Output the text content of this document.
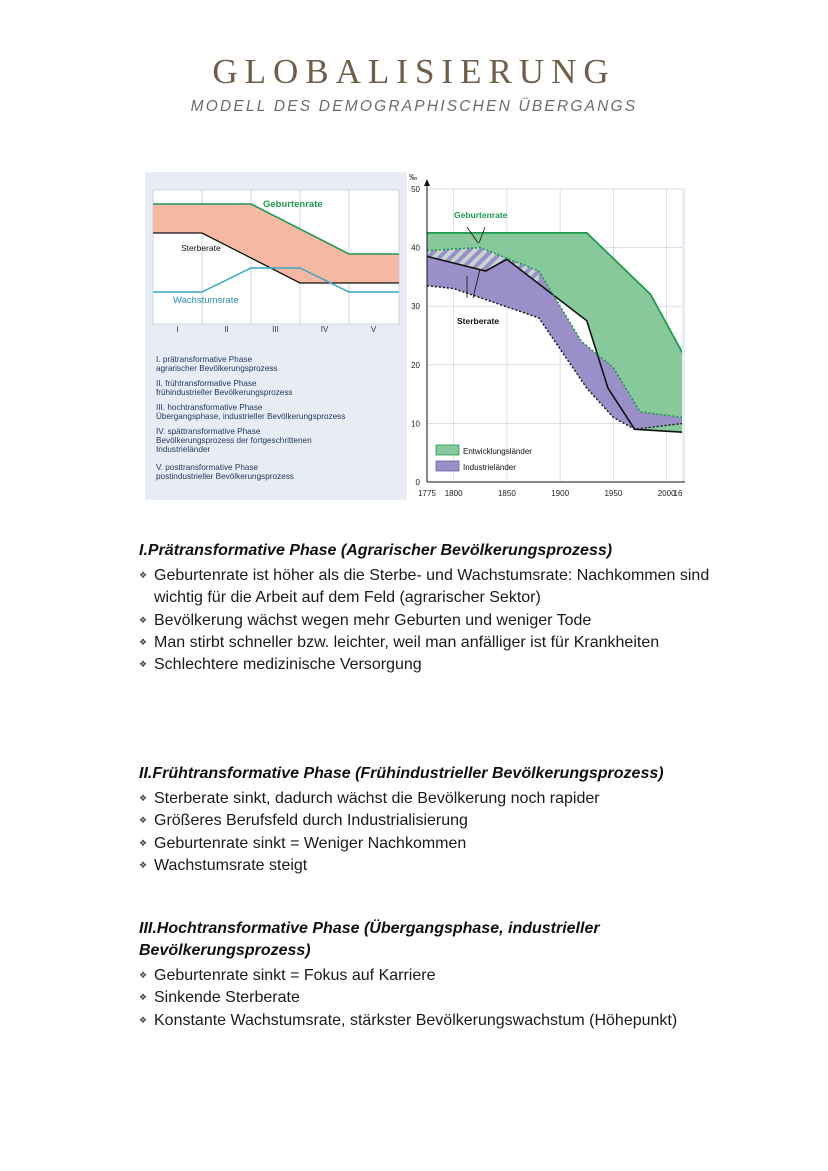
GLOBALISIERUNG
MODELL DES DEMOGRAPHISCHEN ÜBERGANGS
Geburtenrate
Sterberate
Wachstumsrate
I	II	III	IV	V
I. prätransformative Phase
agrarischer Bevölkerungsprozess
II. frühtransformative Phase
frühindustrieller Bevölkerungsprozess
III. hochtransformative Phase
Übergangsphase, industrieller Bevölkerungsprozess
IV. spättransformative Phase
Bevölkerungsprozess der fortgeschrittenen
Industrieländer
V. posttransformative Phase
postindustrieller Bevölkerungsprozess
‰
0
10
20
30
40
50
1775 1800	1850	1900	1950	2000
16
Geburtenrate
Sterberate
Entwicklungsländer
Industrieländer
I.Prätransformative Phase (Agrarischer Bevölkerungsprozess)
❖ Geburtenrate ist höher als die Sterbe- und Wachstumsrate: Nachkommen sind wichtig für die Arbeit auf dem Feld (agrarischer Sektor)
❖ Bevölkerung wächst wegen mehr Geburten und weniger Tode
❖ Man stirbt schneller bzw. leichter, weil man anfälliger ist für Krankheiten
❖ Schlechtere medizinische Versorgung
II.Frühtransformative Phase (Frühindustrieller Bevölkerungsprozess)
❖ Sterberate sinkt, dadurch wächst die Bevölkerung noch rapider
❖ Größeres Berufsfeld durch Industrialisierung
❖ Geburtenrate sinkt = Weniger Nachkommen
❖ Wachstumsrate steigt
III.Hochtransformative Phase (Übergangsphase, industrieller Bevölkerungsprozess)
❖ Geburtenrate sinkt = Fokus auf Karriere
❖ Sinkende Sterberate
❖ Konstante Wachstumsrate, stärkster Bevölkerungswachstum (Höhepunkt)
